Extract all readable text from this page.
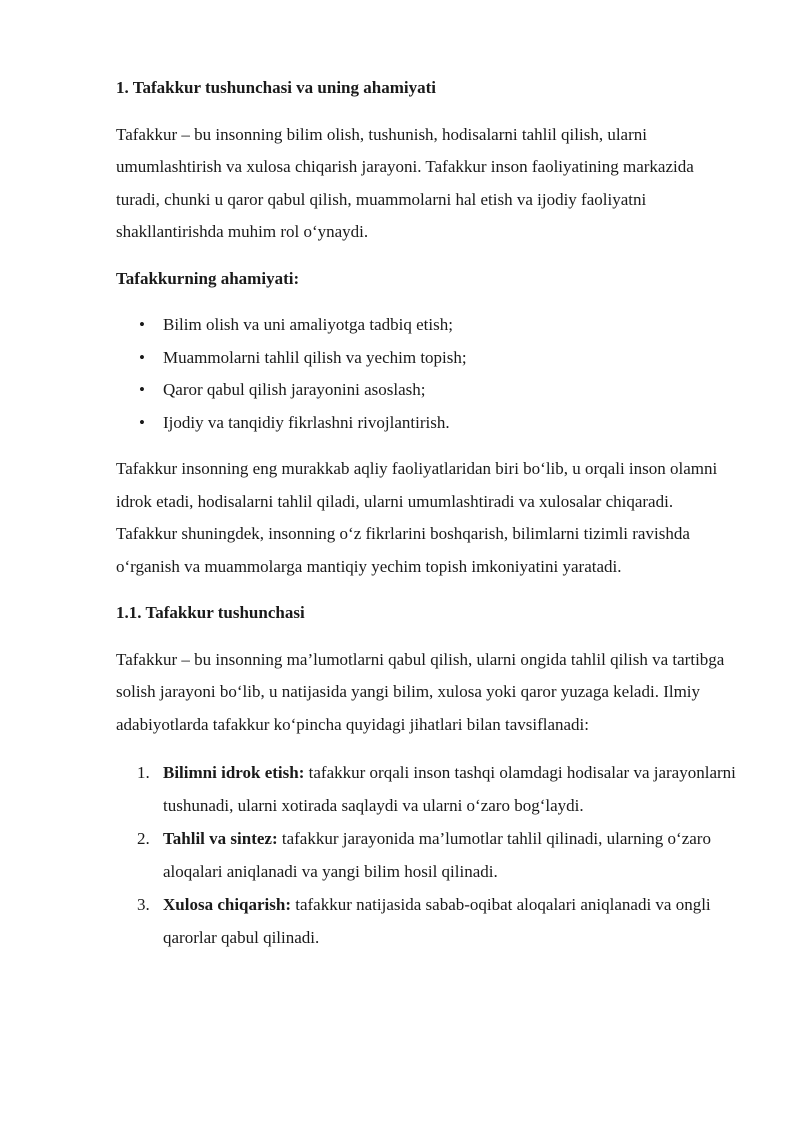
1. Tafakkur tushunchasi va uning ahamiyati

Tafakkur – bu insonning bilim olish, tushunish, hodisalarni tahlil qilish, ularni umumlashtirish va xulosa chiqarish jarayoni. Tafakkur inson faoliyatining markazida turadi, chunki u qaror qabul qilish, muammolarni hal etish va ijodiy faoliyatni shakllantirishda muhim rol o‘ynaydi.

Tafakkurning ahamiyati:
• Bilim olish va uni amaliyotga tadbiq etish;
• Muammolarni tahlil qilish va yechim topish;
• Qaror qabul qilish jarayonini asoslash;
• Ijodiy va tanqidiy fikrlashni rivojlantirish.

Tafakkur insonning eng murakkab aqliy faoliyatlaridan biri bo‘lib, u orqali inson olamni idrok etadi, hodisalarni tahlil qiladi, ularni umumlashtiradi va xulosalar chiqaradi. Tafakkur shuningdek, insonning o‘z fikrlarini boshqarish, bilimlarni tizimli ravishda o‘rganish va muammolarga mantiqiy yechim topish imkoniyatini yaratadi.

1.1. Tafakkur tushunchasi

Tafakkur – bu insonning ma’lumotlarni qabul qilish, ularni ongida tahlil qilish va tartibga solish jarayoni bo‘lib, u natijasida yangi bilim, xulosa yoki qaror yuzaga keladi. Ilmiy adabiyotlarda tafakkur ko‘pincha quyidagi jihatlari bilan tavsiflanadi:

1. Bilimni idrok etish: tafakkur orqali inson tashqi olamdagi hodisalar va jarayonlarni tushunadi, ularni xotirada saqlaydi va ularni o‘zaro bog‘laydi.
2. Tahlil va sintez: tafakkur jarayonida ma’lumotlar tahlil qilinadi, ularning o‘zaro aloqalari aniqlanadi va yangi bilim hosil qilinadi.
3. Xulosa chiqarish: tafakkur natijasida sabab-oqibat aloqalari aniqlanadi va ongli qarorlar qabul qilinadi.
